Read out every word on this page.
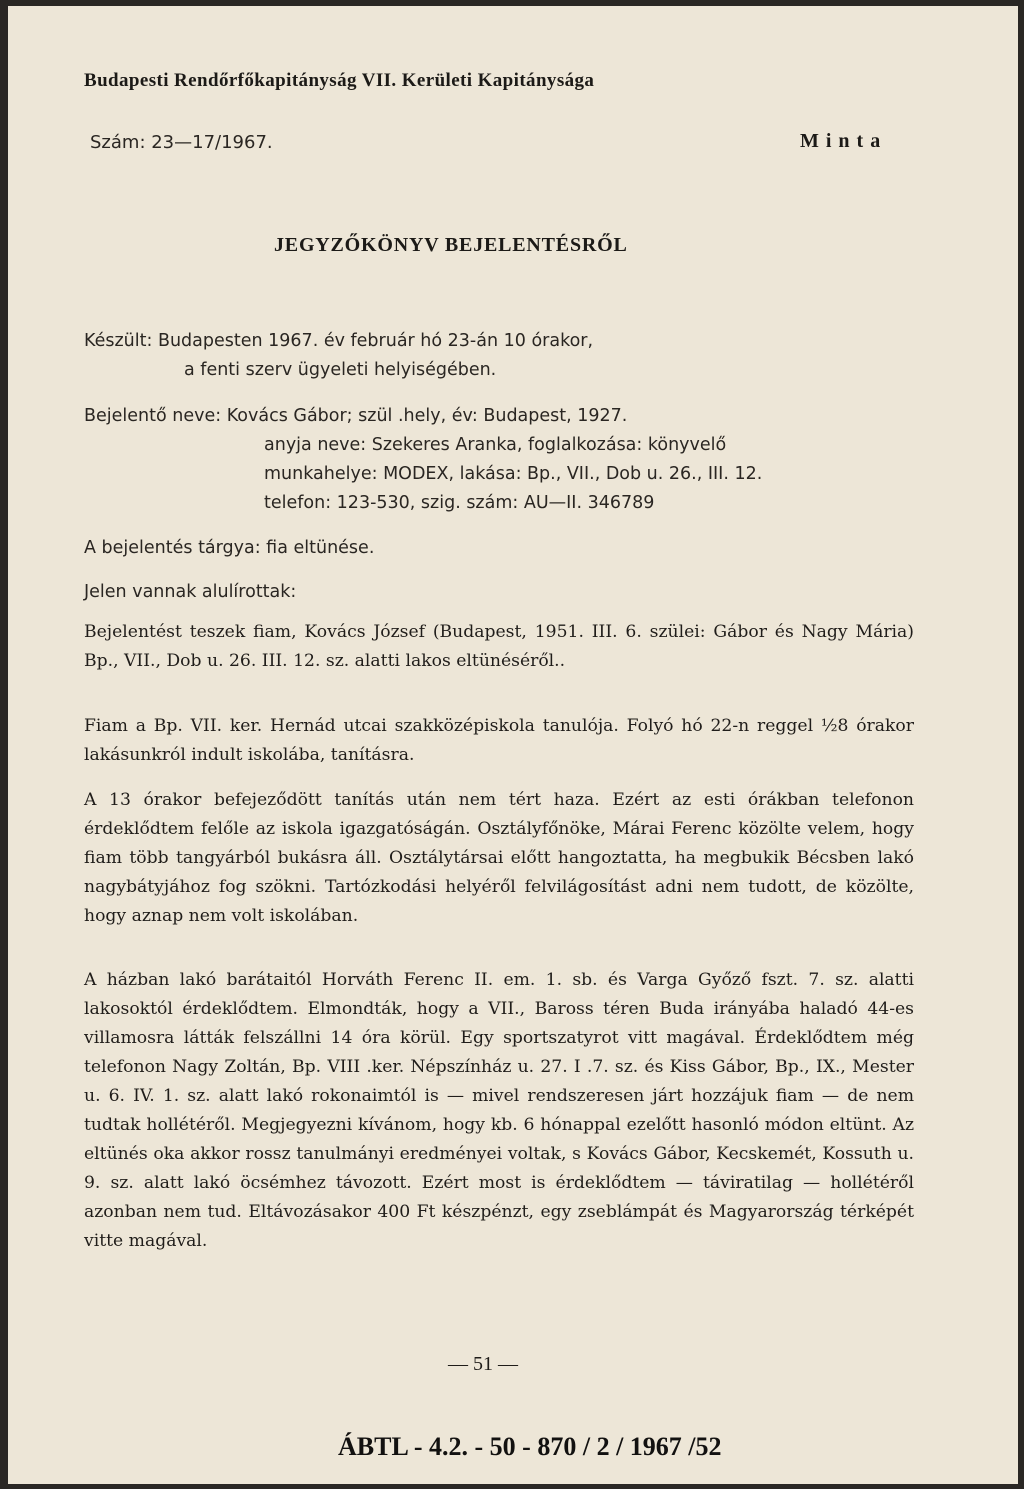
Budapesti Rendőrfőkapitányság VII. Kerületi Kapitánysága
Szám: 23—17/1967.	Minta
JEGYZŐKÖNYV BEJELENTÉSRŐL
Készült: Budapesten 1967. év február hó 23-án 10 órakor,
a fenti szerv ügyeleti helyiségében.
Bejelentő neve: Kovács Gábor; szül .hely, év: Budapest, 1927.
anyja neve: Szekeres Aranka, foglalkozása: könyvelő
munkahelye: MODEX, lakása: Bp., VII., Dob u. 26., III. 12.
telefon: 123-530, szig. szám: AU—II. 346789
A bejelentés tárgya: fia eltünése.
Jelen vannak alulírottak:

Bejelentést teszek fiam, Kovács József (Budapest, 1951. III. 6. szülei: Gábor és Nagy Mária) Bp., VII., Dob u. 26. III. 12. sz. alatti lakos eltünéséről..

Fiam a Bp. VII. ker. Hernád utcai szakközépiskola tanulója. Folyó hó 22-n reggel ½8 órakor lakásunkról indult iskolába, tanításra.

A 13 órakor befejeződött tanítás után nem tért haza. Ezért az esti órákban telefonon érdeklődtem felőle az iskola igazgatóságán. Osztályfőnöke, Márai Ferenc közölte velem, hogy fiam több tangyárból bukásra áll. Osztálytársai előtt hangoztatta, ha megbukik Bécsben lakó nagybátyjához fog szökni. Tartózkodási helyéről felvilágosítást adni nem tudott, de közölte, hogy aznap nem volt iskolában.

A házban lakó barátaitól Horváth Ferenc II. em. 1. sb. és Varga Győző fszt. 7. sz. alatti lakosoktól érdeklődtem. Elmondták, hogy a VII., Baross téren Buda irányába haladó 44-es villamosra látták felszállni 14 óra körül. Egy sportszatyrot vitt magával. Érdeklődtem még telefonon Nagy Zoltán, Bp. VIII .ker. Népszínház u. 27. I .7. sz. és Kiss Gábor, Bp., IX., Mester u. 6. IV. 1. sz. alatt lakó rokonaimtól is — mivel rendszeresen járt hozzájuk fiam — de nem tudtak hollétéről. Megjegyezni kívánom, hogy kb. 6 hónappal ezelőtt hasonló módon eltünt. Az eltünés oka akkor rossz tanulmányi eredményei voltak, s Kovács Gábor, Kecskemét, Kossuth u. 9. sz. alatt lakó öcsémhez távozott. Ezért most is érdeklődtem — táviratilag — hollétéről azonban nem tud. Eltávozásakor 400 Ft készpénzt, egy zseblámpát és Magyarország térképét vitte magával.

— 51 —
ÁBTL - 4.2. - 50 - 870 / 2 / 1967 /52
